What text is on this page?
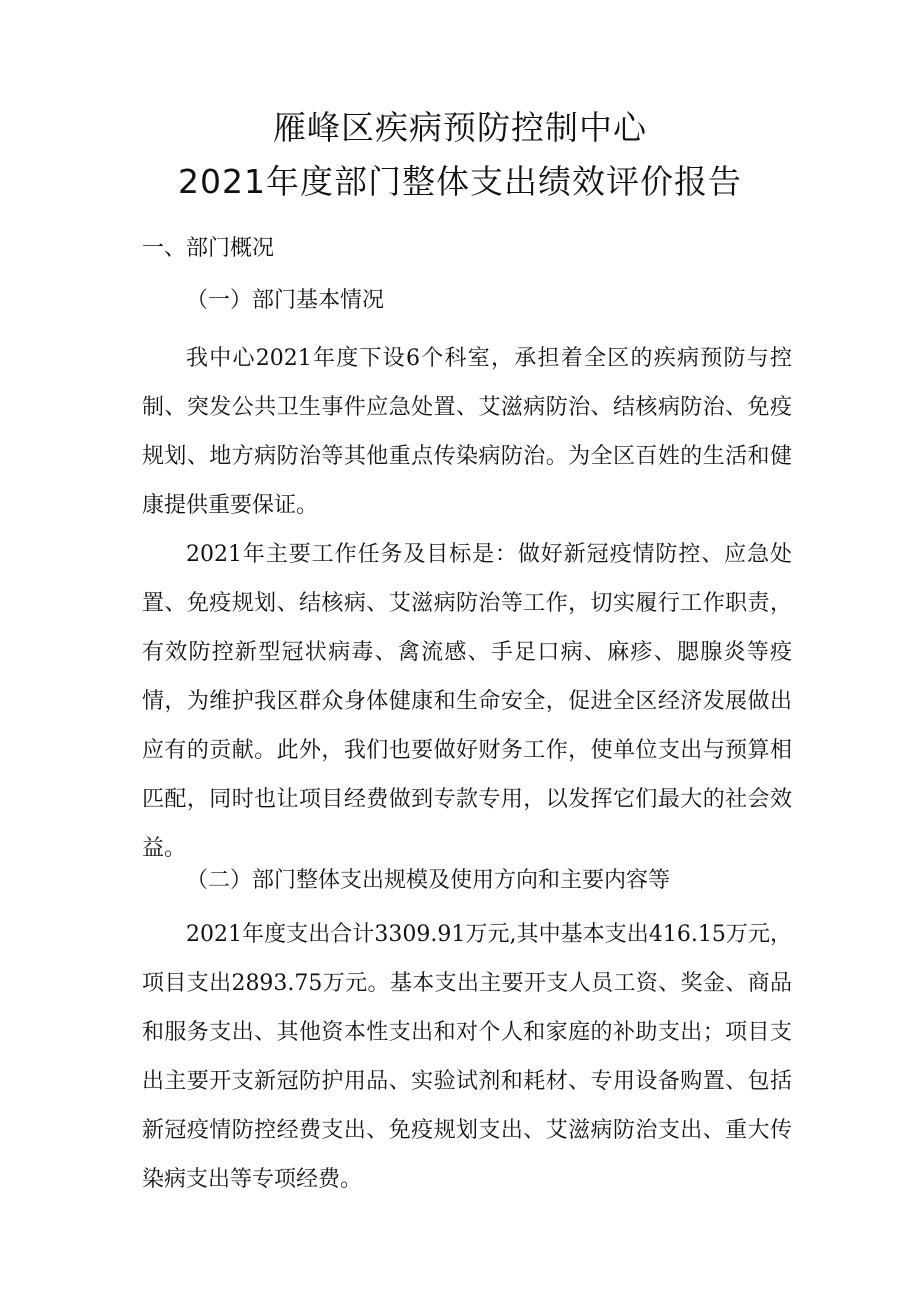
雁峰区疾病预防控制中心
2021年度部门整体支出绩效评价报告
一、部门概况
（一）部门基本情况

我中心2021年度下设6个科室，承担着全区的疾病预防与控制、突发公共卫生事件应急处置、艾滋病防治、结核病防治、免疫规划、地方病防治等其他重点传染病防治。为全区百姓的生活和健康提供重要保证。

2021年主要工作任务及目标是：做好新冠疫情防控、应急处置、免疫规划、结核病、艾滋病防治等工作，切实履行工作职责，有效防控新型冠状病毒、禽流感、手足口病、麻疹、腮腺炎等疫情，为维护我区群众身体健康和生命安全，促进全区经济发展做出应有的贡献。此外，我们也要做好财务工作，使单位支出与预算相匹配，同时也让项目经费做到专款专用，以发挥它们最大的社会效益。

（二）部门整体支出规模及使用方向和主要内容等

2021年度支出合计3309.91万元,其中基本支出416.15万元，项目支出2893.75万元。基本支出主要开支人员工资、奖金、商品和服务支出、其他资本性支出和对个人和家庭的补助支出；项目支出主要开支新冠防护用品、实验试剂和耗材、专用设备购置、包括新冠疫情防控经费支出、免疫规划支出、艾滋病防治支出、重大传染病支出等专项经费。
